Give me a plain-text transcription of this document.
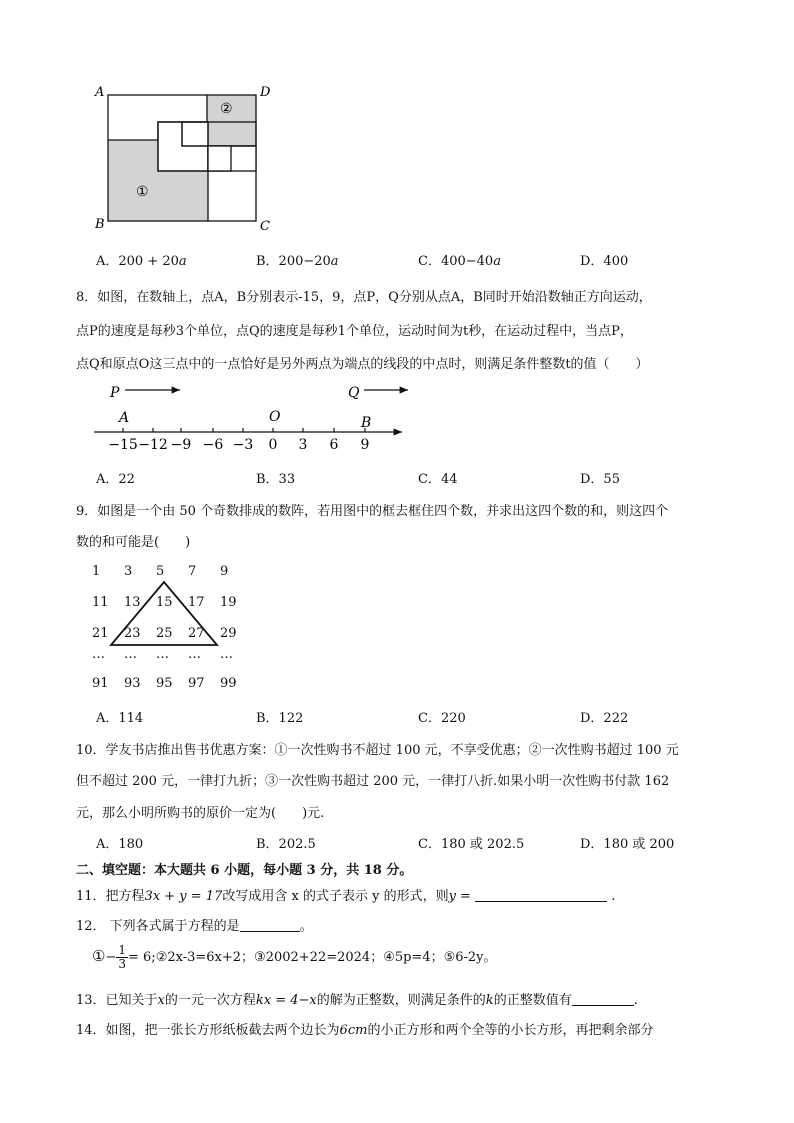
A	D
B	C
①
②
A．200 + 20𝑎	B．200−20𝑎	C．400−40𝑎	D．400
8．如图，在数轴上，点A，B分别表示-15，9，点P，Q分别从点A，B同时开始沿数轴正方向运动，
点P的速度是每秒3个单位，点Q的速度是每秒1个单位，运动时间为t秒，在运动过程中，当点P，
点Q和原点O这三点中的一点恰好是另外两点为端点的线段的中点时，则满足条件整数t的值（　　）
P	Q
A	O	B
−15 −12 −9 −6 −3 0 3 6 9
A．22	B．33	C．44	D．55
9．如图是一个由 50 个奇数排成的数阵，若用图中的框去框住四个数，并求出这四个数的和，则这四个
数的和可能是(　　)
1 3 5 7 9
11 13 15 17 19
21 23 25 27 29
… … … … …
91 93 95 97 99
A．114	B．122	C．220	D．222
10．学友书店推出售书优惠方案：①一次性购书不超过 100 元，不享受优惠；②一次性购书超过 100 元
但不超过 200 元，一律打九折；③一次性购书超过 200 元，一律打八折.如果小明一次性购书付款 162
元，那么小明所购书的原价一定为(　　)元.
A．180	B．202.5	C．180 或 202.5	D．180 或 200
二、填空题：本大题共 6 小题，每小题 3 分，共 18 分。
11．把方程3𝑥 + 𝑦 = 17改写成用含 x 的式子表示 y 的形式，则𝑦 =	.
12． 下列各式属于方程的是	。
①− $\frac{1}{3}$ = 6;②2x-3=6x+2；③2002+22=2024；④5p=4；⑤6-2y。
13．已知关于𝑥的一元一次方程𝑘𝑥 = 4−𝑥的解为正整数，则满足条件的𝑘的正整数值有	.
14．如图，把一张长方形纸板截去两个边长为6𝑐𝑚的小正方形和两个全等的小长方形，再把剩余部分
